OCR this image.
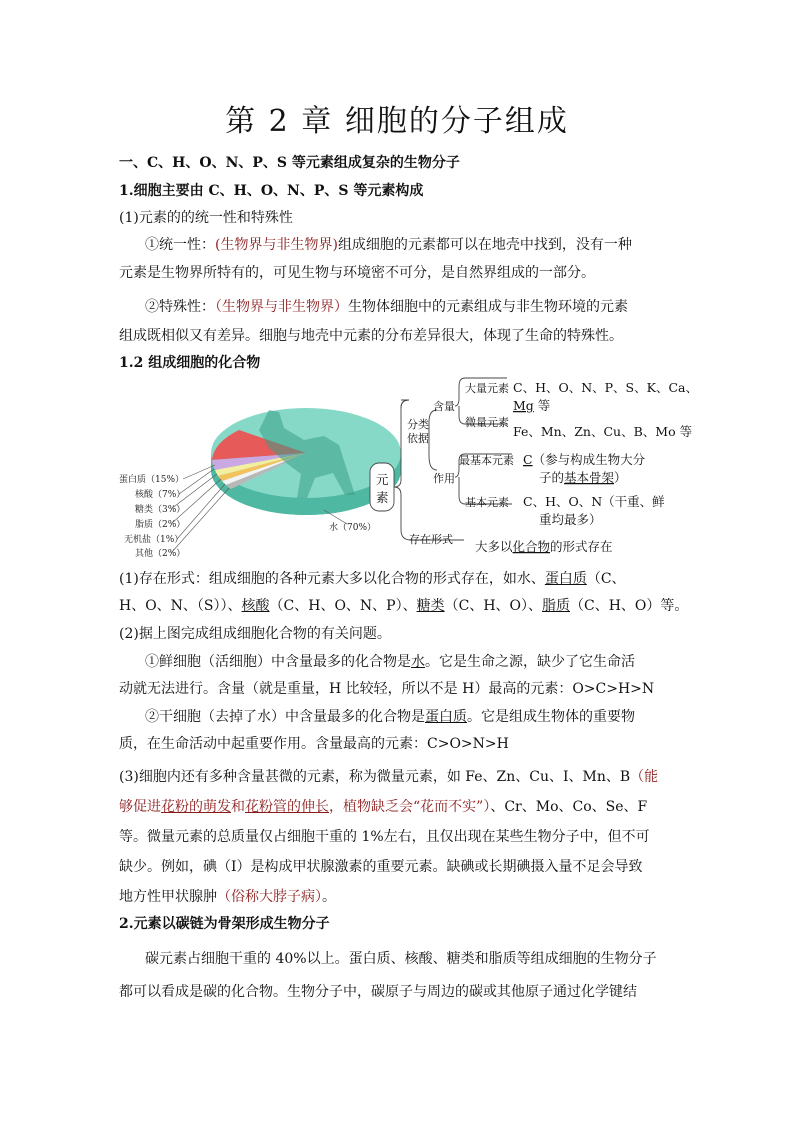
第 2 章 细胞的分子组成
一、C、H、O、N、P、S 等元素组成复杂的生物分子
1.细胞主要由 C、H、O、N、P、S 等元素构成
(1)元素的的统一性和特殊性
①统一性：(生物界与非生物界)组成细胞的元素都可以在地壳中找到，没有一种
元素是生物界所特有的，可见生物与环境密不可分，是自然界组成的一部分。
②特殊性：（生物界与非生物界）生物体细胞中的元素组成与非生物环境的元素
组成既相似又有差异。细胞与地壳中元素的分布差异很大，体现了生命的特殊性。
1.2 组成细胞的化合物
蛋白质（15%）
核酸（7%）
糖类（3%）
脂质（2%）
无机盐（1%）
其他（2%）
水（70%）
元
素
分类
依据
含量
作用
存在形式
大量元素
微量元素
最基本元素
基本元素
C、H、O、N、P、S、K、Ca、
Mg 等
Fe、Mn、Zn、Cu、B、Mo 等
C（参与构成生物大分
子的基本骨架）
C、H、O、N（干重、鲜
重均最多）
大多以化合物的形式存在
(1)存在形式：组成细胞的各种元素大多以化合物的形式存在，如水、蛋白质（C、
H、O、N、（S））、核酸（C、H、O、N、P）、糖类（C、H、O）、脂质（C、H、O）等。
(2)据上图完成组成细胞化合物的有关问题。
①鲜细胞（活细胞）中含量最多的化合物是水。它是生命之源，缺少了它生命活
动就无法进行。含量（就是重量，H 比较轻，所以不是 H）最高的元素：O>C>H>N
②干细胞（去掉了水）中含量最多的化合物是蛋白质。它是组成生物体的重要物
质，在生命活动中起重要作用。含量最高的元素：C>O>N>H
(3)细胞内还有多种含量甚微的元素，称为微量元素，如 Fe、Zn、Cu、I、Mn、B（能
够促进花粉的萌发和花粉管的伸长，植物缺乏会“花而不实”）、Cr、Mo、Co、Se、F
等。微量元素的总质量仅占细胞干重的 1%左右，且仅出现在某些生物分子中，但不可
缺少。例如，碘（I）是构成甲状腺激素的重要元素。缺碘或长期碘摄入量不足会导致
地方性甲状腺肿（俗称大脖子病）。
2.元素以碳链为骨架形成生物分子
碳元素占细胞干重的 40%以上。蛋白质、核酸、糖类和脂质等组成细胞的生物分子
都可以看成是碳的化合物。生物分子中，碳原子与周边的碳或其他原子通过化学键结
